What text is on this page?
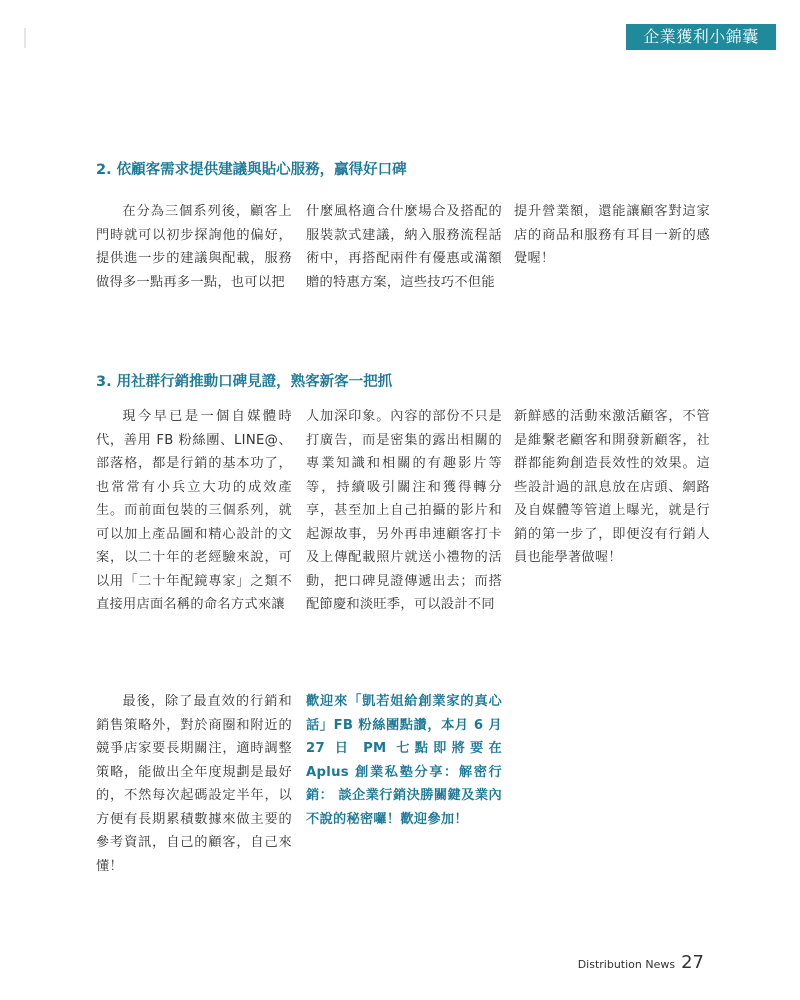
企業獲利小錦囊
2. 依顧客需求提供建議與貼心服務，贏得好口碑

在分為三個系列後，顧客上門時就可以初步探詢他的偏好，提供進一步的建議與配載，服務做得多一點再多一點，也可以把

什麼風格適合什麼場合及搭配的服裝款式建議，納入服務流程話術中，再搭配兩件有優惠或滿額贈的特惠方案，這些技巧不但能

提升營業額，還能讓顧客對這家店的商品和服務有耳目一新的感覺喔！

3. 用社群行銷推動口碑見證，熟客新客一把抓

現今早已是一個自媒體時代，善用 FB 粉絲團、LINE@、部落格，都是行銷的基本功了，也常常有小兵立大功的成效產生。而前面包裝的三個系列，就可以加上產品圖和精心設計的文案，以二十年的老經驗來說，可以用「二十年配鏡專家」之類不直接用店面名稱的命名方式來讓

人加深印象。內容的部份不只是打廣告，而是密集的露出相關的專業知識和相關的有趣影片等等，持續吸引關注和獲得轉分享，甚至加上自己拍攝的影片和起源故事，另外再串連顧客打卡及上傳配載照片就送小禮物的活動，把口碑見證傳遞出去；而搭配節慶和淡旺季，可以設計不同

新鮮感的活動來激活顧客，不管是維繫老顧客和開發新顧客，社群都能夠創造長效性的效果。這些設計過的訊息放在店頭、網路及自媒體等管道上曝光，就是行銷的第一步了，即便沒有行銷人員也能學著做喔！

最後，除了最直效的行銷和銷售策略外，對於商圈和附近的競爭店家要長期關注，適時調整策略，能做出全年度規劃是最好的，不然每次起碼設定半年，以方便有長期累積數據來做主要的參考資訊，自己的顧客，自己來懂！

歡迎來「凱若姐給創業家的真心話」FB 粉絲團點讚，本月 6 月 27 日 PM 七點即將要在 Aplus 創業私塾分享：解密行銷： 談企業行銷決勝關鍵及業內不說的秘密囉！歡迎參加！

Distribution News 27
